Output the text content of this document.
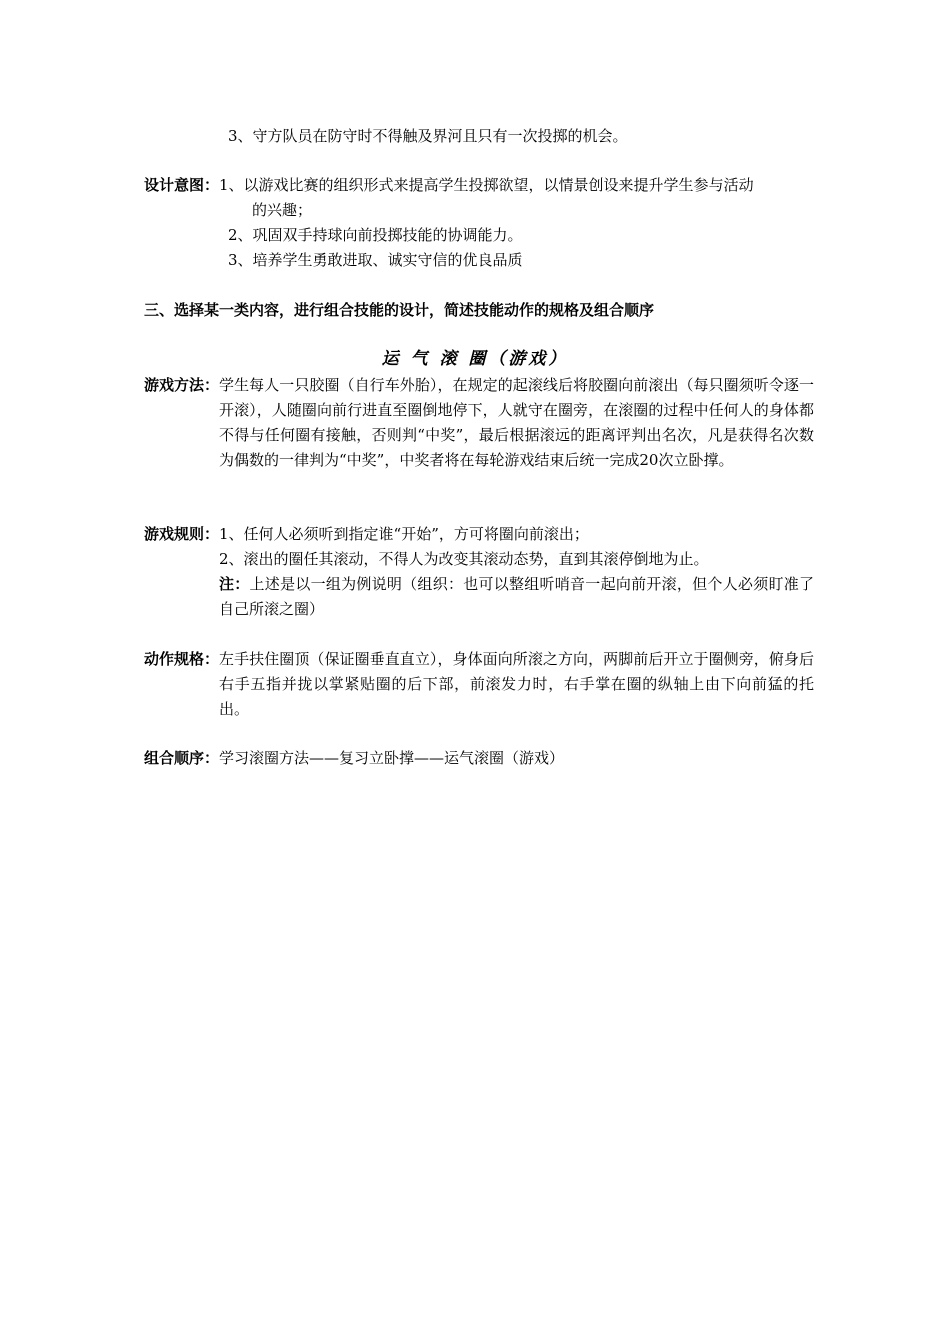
3、守方队员在防守时不得触及界河且只有一次投掷的机会。
设计意图： 1、以游戏比赛的组织形式来提高学生投掷欲望，以情景创设来提升学生参与活动
的兴趣；
2、巩固双手持球向前投掷技能的协调能力。
3、培养学生勇敢进取、诚实守信的优良品质
三、选择某一类内容，进行组合技能的设计，简述技能动作的规格及组合顺序
运 气 滚 圈（游戏）
游戏方法： 学生每人一只胶圈（自行车外胎），在规定的起滚线后将胶圈向前滚出（每只圈须听令逐一开滚），人随圈向前行进直至圈倒地停下，人就守在圈旁，在滚圈的过程中任何人的身体都不得与任何圈有接触，否则判“中奖”，最后根据滚远的距离评判出名次，凡是获得名次数为偶数的一律判为“中奖”，中奖者将在每轮游戏结束后统一完成20次立卧撑。
游戏规则： 1、任何人必须听到指定谁“开始”，方可将圈向前滚出；
2、滚出的圈任其滚动，不得人为改变其滚动态势，直到其滚停倒地为止。
注：上述是以一组为例说明（组织：也可以整组听哨音一起向前开滚，但个人必须盯准了自己所滚之圈）
动作规格： 左手扶住圈顶（保证圈垂直直立），身体面向所滚之方向，两脚前后开立于圈侧旁，俯身后右手五指并拢以掌紧贴圈的后下部，前滚发力时，右手掌在圈的纵轴上由下向前猛的托出。
组合顺序： 学习滚圈方法——复习立卧撑——运气滚圈（游戏）
